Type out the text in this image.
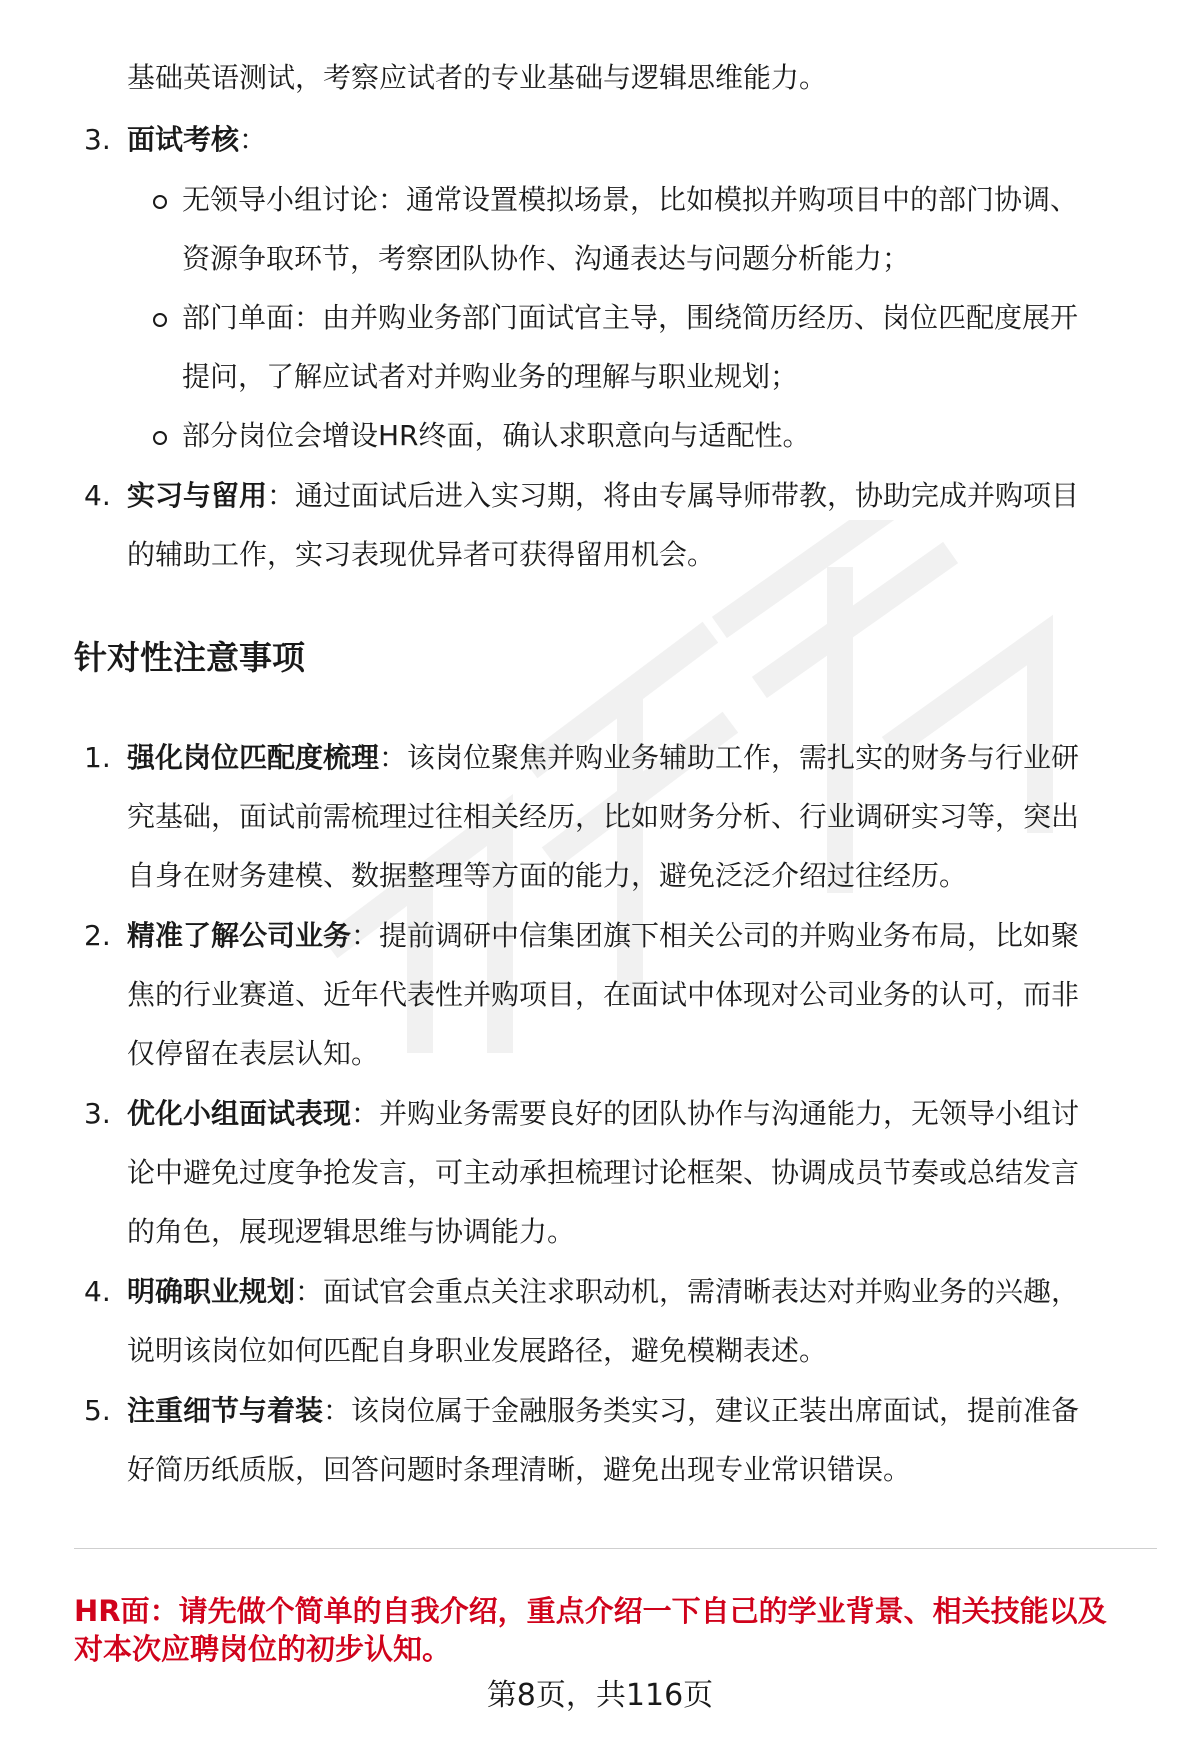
基础英语测试，考察应试者的专业基础与逻辑思维能力。
3. 面试考核：
无领导小组讨论：通常设置模拟场景，比如模拟并购项目中的部门协调、
资源争取环节，考察团队协作、沟通表达与问题分析能力；
部门单面：由并购业务部门面试官主导，围绕简历经历、岗位匹配度展开
提问，了解应试者对并购业务的理解与职业规划；
部分岗位会增设HR终面，确认求职意向与适配性。
4. 实习与留用：通过面试后进入实习期，将由专属导师带教，协助完成并购项目
的辅助工作，实习表现优异者可获得留用机会。
针对性注意事项
1. 强化岗位匹配度梳理：该岗位聚焦并购业务辅助工作，需扎实的财务与行业研
究基础，面试前需梳理过往相关经历，比如财务分析、行业调研实习等，突出
自身在财务建模、数据整理等方面的能力，避免泛泛介绍过往经历。
2. 精准了解公司业务：提前调研中信集团旗下相关公司的并购业务布局，比如聚
焦的行业赛道、近年代表性并购项目，在面试中体现对公司业务的认可，而非
仅停留在表层认知。
3. 优化小组面试表现：并购业务需要良好的团队协作与沟通能力，无领导小组讨
论中避免过度争抢发言，可主动承担梳理讨论框架、协调成员节奏或总结发言
的角色，展现逻辑思维与协调能力。
4. 明确职业规划：面试官会重点关注求职动机，需清晰表达对并购业务的兴趣，
说明该岗位如何匹配自身职业发展路径，避免模糊表述。
5. 注重细节与着装：该岗位属于金融服务类实习，建议正装出席面试，提前准备
好简历纸质版，回答问题时条理清晰，避免出现专业常识错误。
HR面：请先做个简单的自我介绍，重点介绍一下自己的学业背景、相关技能以及
对本次应聘岗位的初步认知。
第8页，共116页
